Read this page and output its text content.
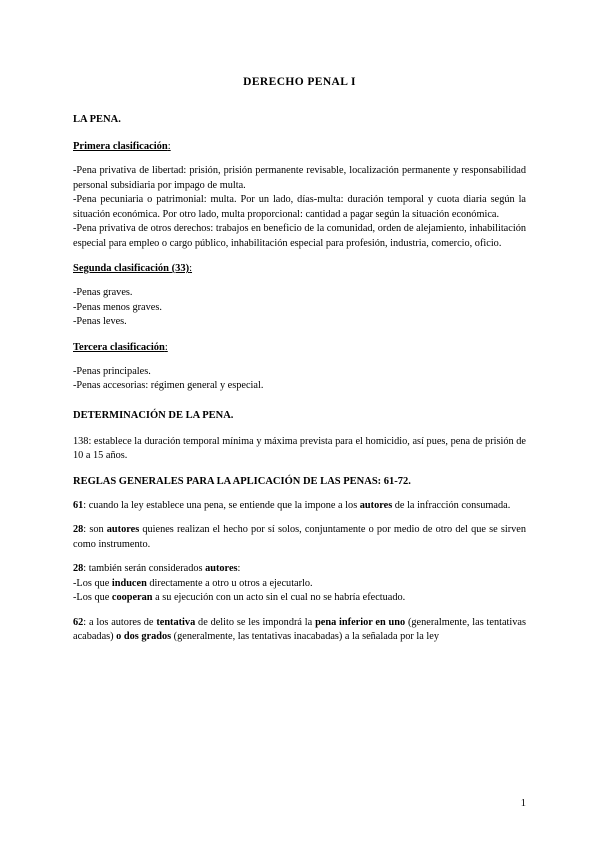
DERECHO PENAL I
LA PENA.
Primera clasificación:

-Pena privativa de libertad: prisión, prisión permanente revisable, localización permanente y responsabilidad personal subsidiaria por impago de multa.

-Pena pecuniaria o patrimonial: multa. Por un lado, días-multa: duración temporal y cuota diaria según la situación económica. Por otro lado, multa proporcional: cantidad a pagar según la situación económica.

-Pena privativa de otros derechos: trabajos en beneficio de la comunidad, orden de alejamiento, inhabilitación especial para empleo o cargo público, inhabilitación especial para profesión, industria, comercio, oficio.

Segunda clasificación (33):

-Penas graves.

-Penas menos graves.

-Penas leves.

Tercera clasificación:

-Penas principales.

-Penas accesorias: régimen general y especial.

DETERMINACIÓN DE LA PENA.

138: establece la duración temporal mínima y máxima prevista para el homicidio, así pues, pena de prisión de 10 a 15 años.

REGLAS GENERALES PARA LA APLICACIÓN DE LAS PENAS: 61-72.

61: cuando la ley establece una pena, se entiende que la impone a los autores de la infracción consumada.

28: son autores quienes realizan el hecho por sí solos, conjuntamente o por medio de otro del que se sirven como instrumento.

28: también serán considerados autores:

-Los que inducen directamente a otro u otros a ejecutarlo.

-Los que cooperan a su ejecución con un acto sin el cual no se habría efectuado.

62: a los autores de tentativa de delito se les impondrá la pena inferior en uno (generalmente, las tentativas acabadas) o dos grados (generalmente, las tentativas inacabadas) a la señalada por la ley

1
